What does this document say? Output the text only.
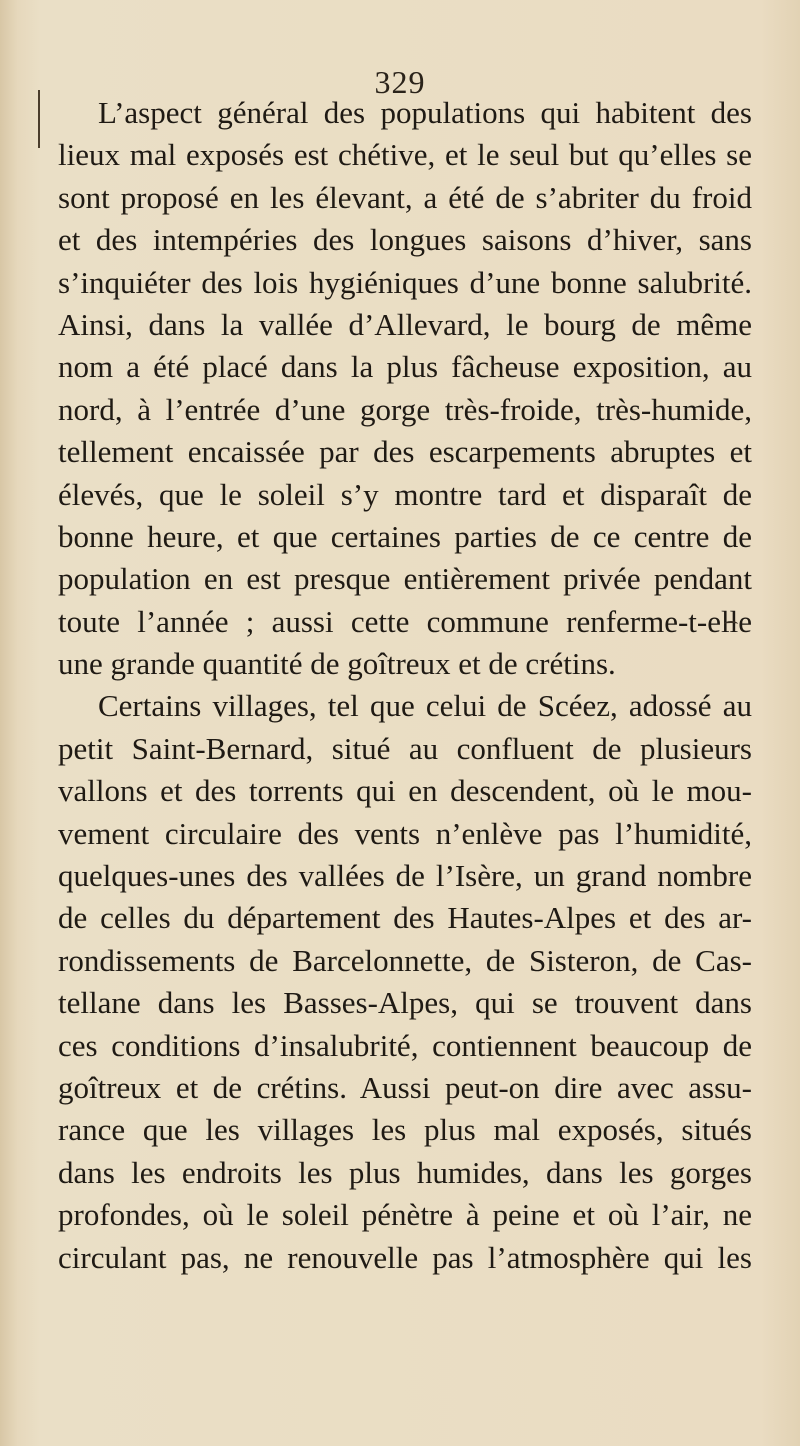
329
L’aspect général des populations qui habitent des
lieux mal exposés est chétive, et le seul but qu’elles se
sont proposé en les élevant, a été de s’abriter du froid
et des intempéries des longues saisons d’hiver, sans
s’inquiéter des lois hygiéniques d’une bonne salubrité.
Ainsi, dans la vallée d’Allevard, le bourg de même
nom a été placé dans la plus fâcheuse exposition, au
nord, à l’entrée d’une gorge très-froide, très-humide,
tellement encaissée par des escarpements abruptes et
élevés, que le soleil s’y montre tard et disparaît de
bonne heure, et que certaines parties de ce centre de
population en est presque entièrement privée pendant
toute l’année ; aussi cette commune renferme-t-elle
une grande quantité de goîtreux et de crétins.
Certains villages, tel que celui de Scéez, adossé au
petit Saint-Bernard, situé au confluent de plusieurs
vallons et des torrents qui en descendent, où le mou-
vement circulaire des vents n’enlève pas l’humidité,
quelques-unes des vallées de l’Isère, un grand nombre
de celles du département des Hautes-Alpes et des ar-
rondissements de Barcelonnette, de Sisteron, de Cas-
tellane dans les Basses-Alpes, qui se trouvent dans
ces conditions d’insalubrité, contiennent beaucoup de
goîtreux et de crétins. Aussi peut-on dire avec assu-
rance que les villages les plus mal exposés, situés
dans les endroits les plus humides, dans les gorges
profondes, où le soleil pénètre à peine et où l’air, ne
circulant pas, ne renouvelle pas l’atmosphère qui les
